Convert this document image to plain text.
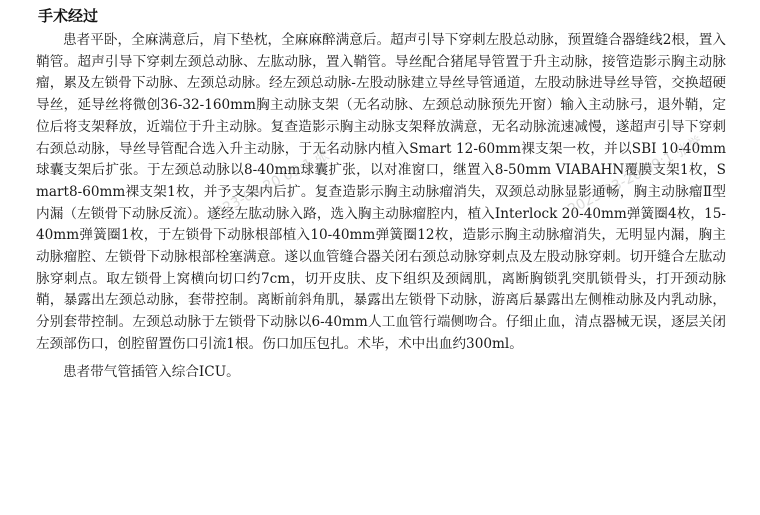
手术经过

患者平卧，全麻满意后，肩下垫枕，全麻麻醉满意后。超声引导下穿刺左股总动脉，预置缝合器缝线2根，置入鞘管。超声引导下穿刺左颈总动脉、左肱动脉，置入鞘管。导丝配合猪尾导管置于升主动脉，接管造影示胸主动脉瘤，累及左锁骨下动脉、左颈总动脉。经左颈总动脉-左股动脉建立导丝导管通道，左股动脉进导丝导管，交换超硬导丝，延导丝将微创36-32-160mm胸主动脉支架（无名动脉、左颈总动脉预先开窗）输入主动脉弓，退外鞘，定位后将支架释放，近端位于升主动脉。复查造影示胸主动脉支架释放满意，无名动脉流速减慢，遂超声引导下穿刺右颈总动脉，导丝导管配合选入升主动脉，于无名动脉内植入Smart 12-60mm裸支架一枚，并以SBI 10-40mm球囊支架后扩张。于左颈总动脉以8-40mm球囊扩张，以对准窗口，继置入8-50mm VIABAHN覆膜支架1枚，Smart8-60mm裸支架1枚，并予支架内后扩。复查造影示胸主动脉瘤消失，双颈总动脉显影通畅，胸主动脉瘤Ⅱ型内漏（左锁骨下动脉反流）。遂经左肱动脉入路，选入胸主动脉瘤腔内，植入Interlock 20-40mm弹簧圈4枚，15-40mm弹簧圈1枚，于左锁骨下动脉根部植入10-40mm弹簧圈12枚，造影示胸主动脉瘤消失，无明显内漏，胸主动脉瘤腔、左锁骨下动脉根部栓塞满意。遂以血管缝合器关闭右颈总动脉穿刺点及左股动脉穿刺。切开缝合左肱动脉穿刺点。取左锁骨上窝横向切口约7cm，切开皮肤、皮下组织及颈阔肌，离断胸锁乳突肌锁骨头，打开颈动脉鞘，暴露出左颈总动脉，套带控制。离断前斜角肌，暴露出左锁骨下动脉，游离后暴露出左侧椎动脉及内乳动脉，分别套带控制。左颈总动脉于左锁骨下动脉以6-40mm人工血管行端侧吻合。仔细止血，清点器械无误，逐层关闭左颈部伤口，创腔留置伤口引流1根。伤口加压包扎。术毕，术中出血约300ml。

患者带气管插管入综合ICU。

2023-03-20 09:1 张	2023-03-20 09:1 张誉
